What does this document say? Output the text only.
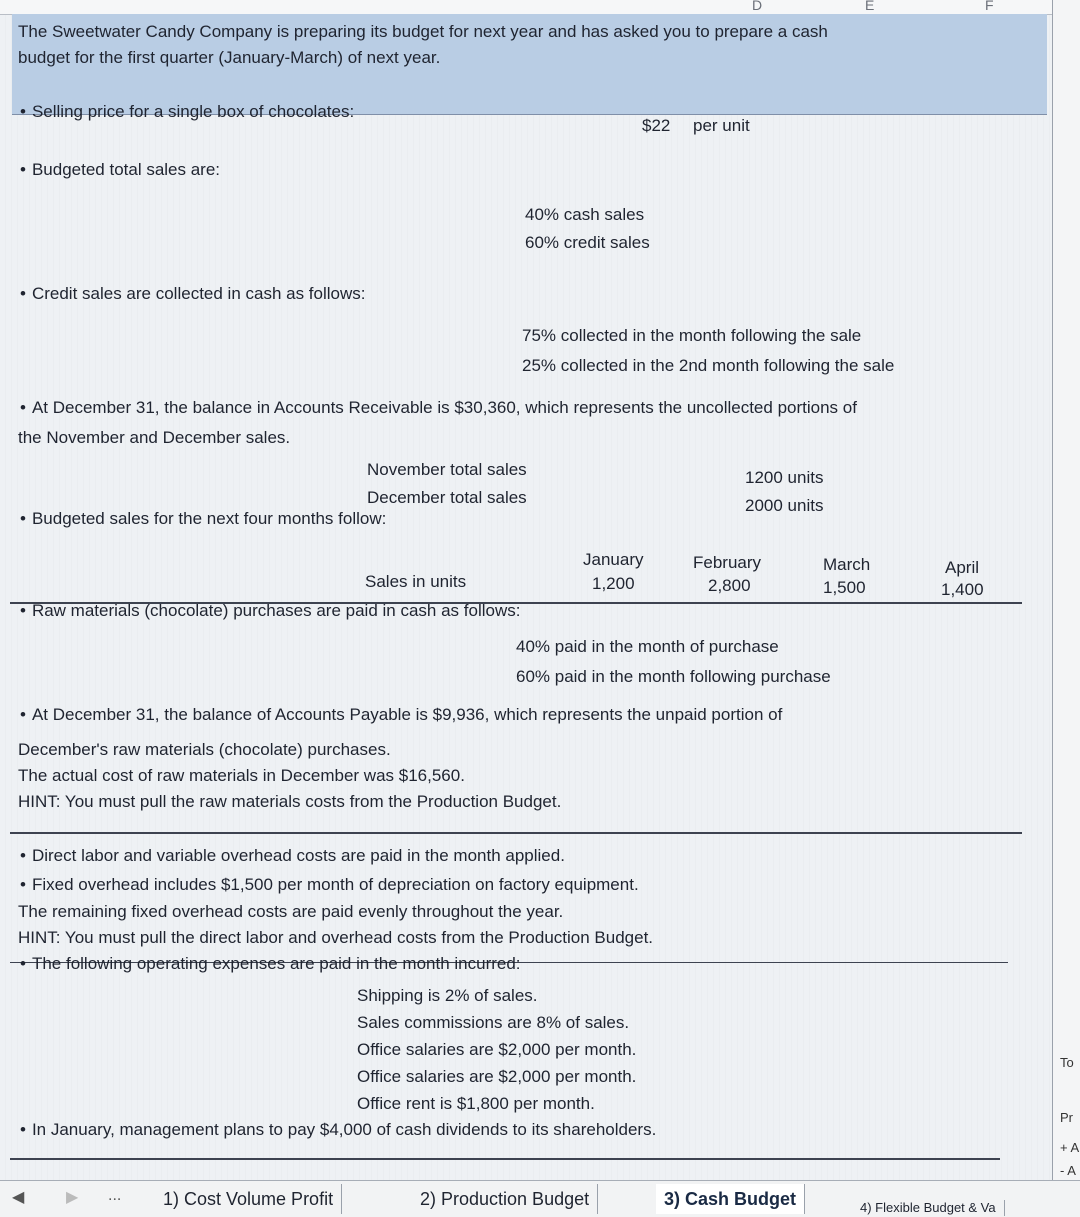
D	E	F
To
Pr
+ A
- A
The Sweetwater Candy Company is preparing its budget for next year and has asked you to prepare a cash
budget for the first quarter (January-March) of next year.
• Selling price for a single box of chocolates:
$22 per unit
• Budgeted total sales are:
40% cash sales
60% credit sales
• Credit sales are collected in cash as follows:
75% collected in the month following the sale
25% collected in the 2nd month following the sale
• At December 31, the balance in Accounts Receivable is $30,360, which represents the uncollected portions of
the November and December sales.
November total sales	1200 units
December total sales	2000 units
• Budgeted sales for the next four months follow:
January	February	March	April
Sales in units	1,200	2,800	1,500	1,400
• Raw materials (chocolate) purchases are paid in cash as follows:
40% paid in the month of purchase
60% paid in the month following purchase
• At December 31, the balance of Accounts Payable is $9,936, which represents the unpaid portion of
December's raw materials (chocolate) purchases.
The actual cost of raw materials in December was $16,560.
HINT: You must pull the raw materials costs from the Production Budget.
• Direct labor and variable overhead costs are paid in the month applied.
• Fixed overhead includes $1,500 per month of depreciation on factory equipment.
The remaining fixed overhead costs are paid evenly throughout the year.
HINT: You must pull the direct labor and overhead costs from the Production Budget.
• The following operating expenses are paid in the month incurred:
Shipping is 2% of sales.
Sales commissions are 8% of sales.
Office salaries are $2,000 per month.
Office salaries are $2,000 per month.
Office rent is $1,800 per month.
• In January, management plans to pay $4,000 of cash dividends to its shareholders.
◀	▶ ...	1) Cost Volume Profit	2) Production Budget	3) Cash Budget	4) Flexible Budget & Va
